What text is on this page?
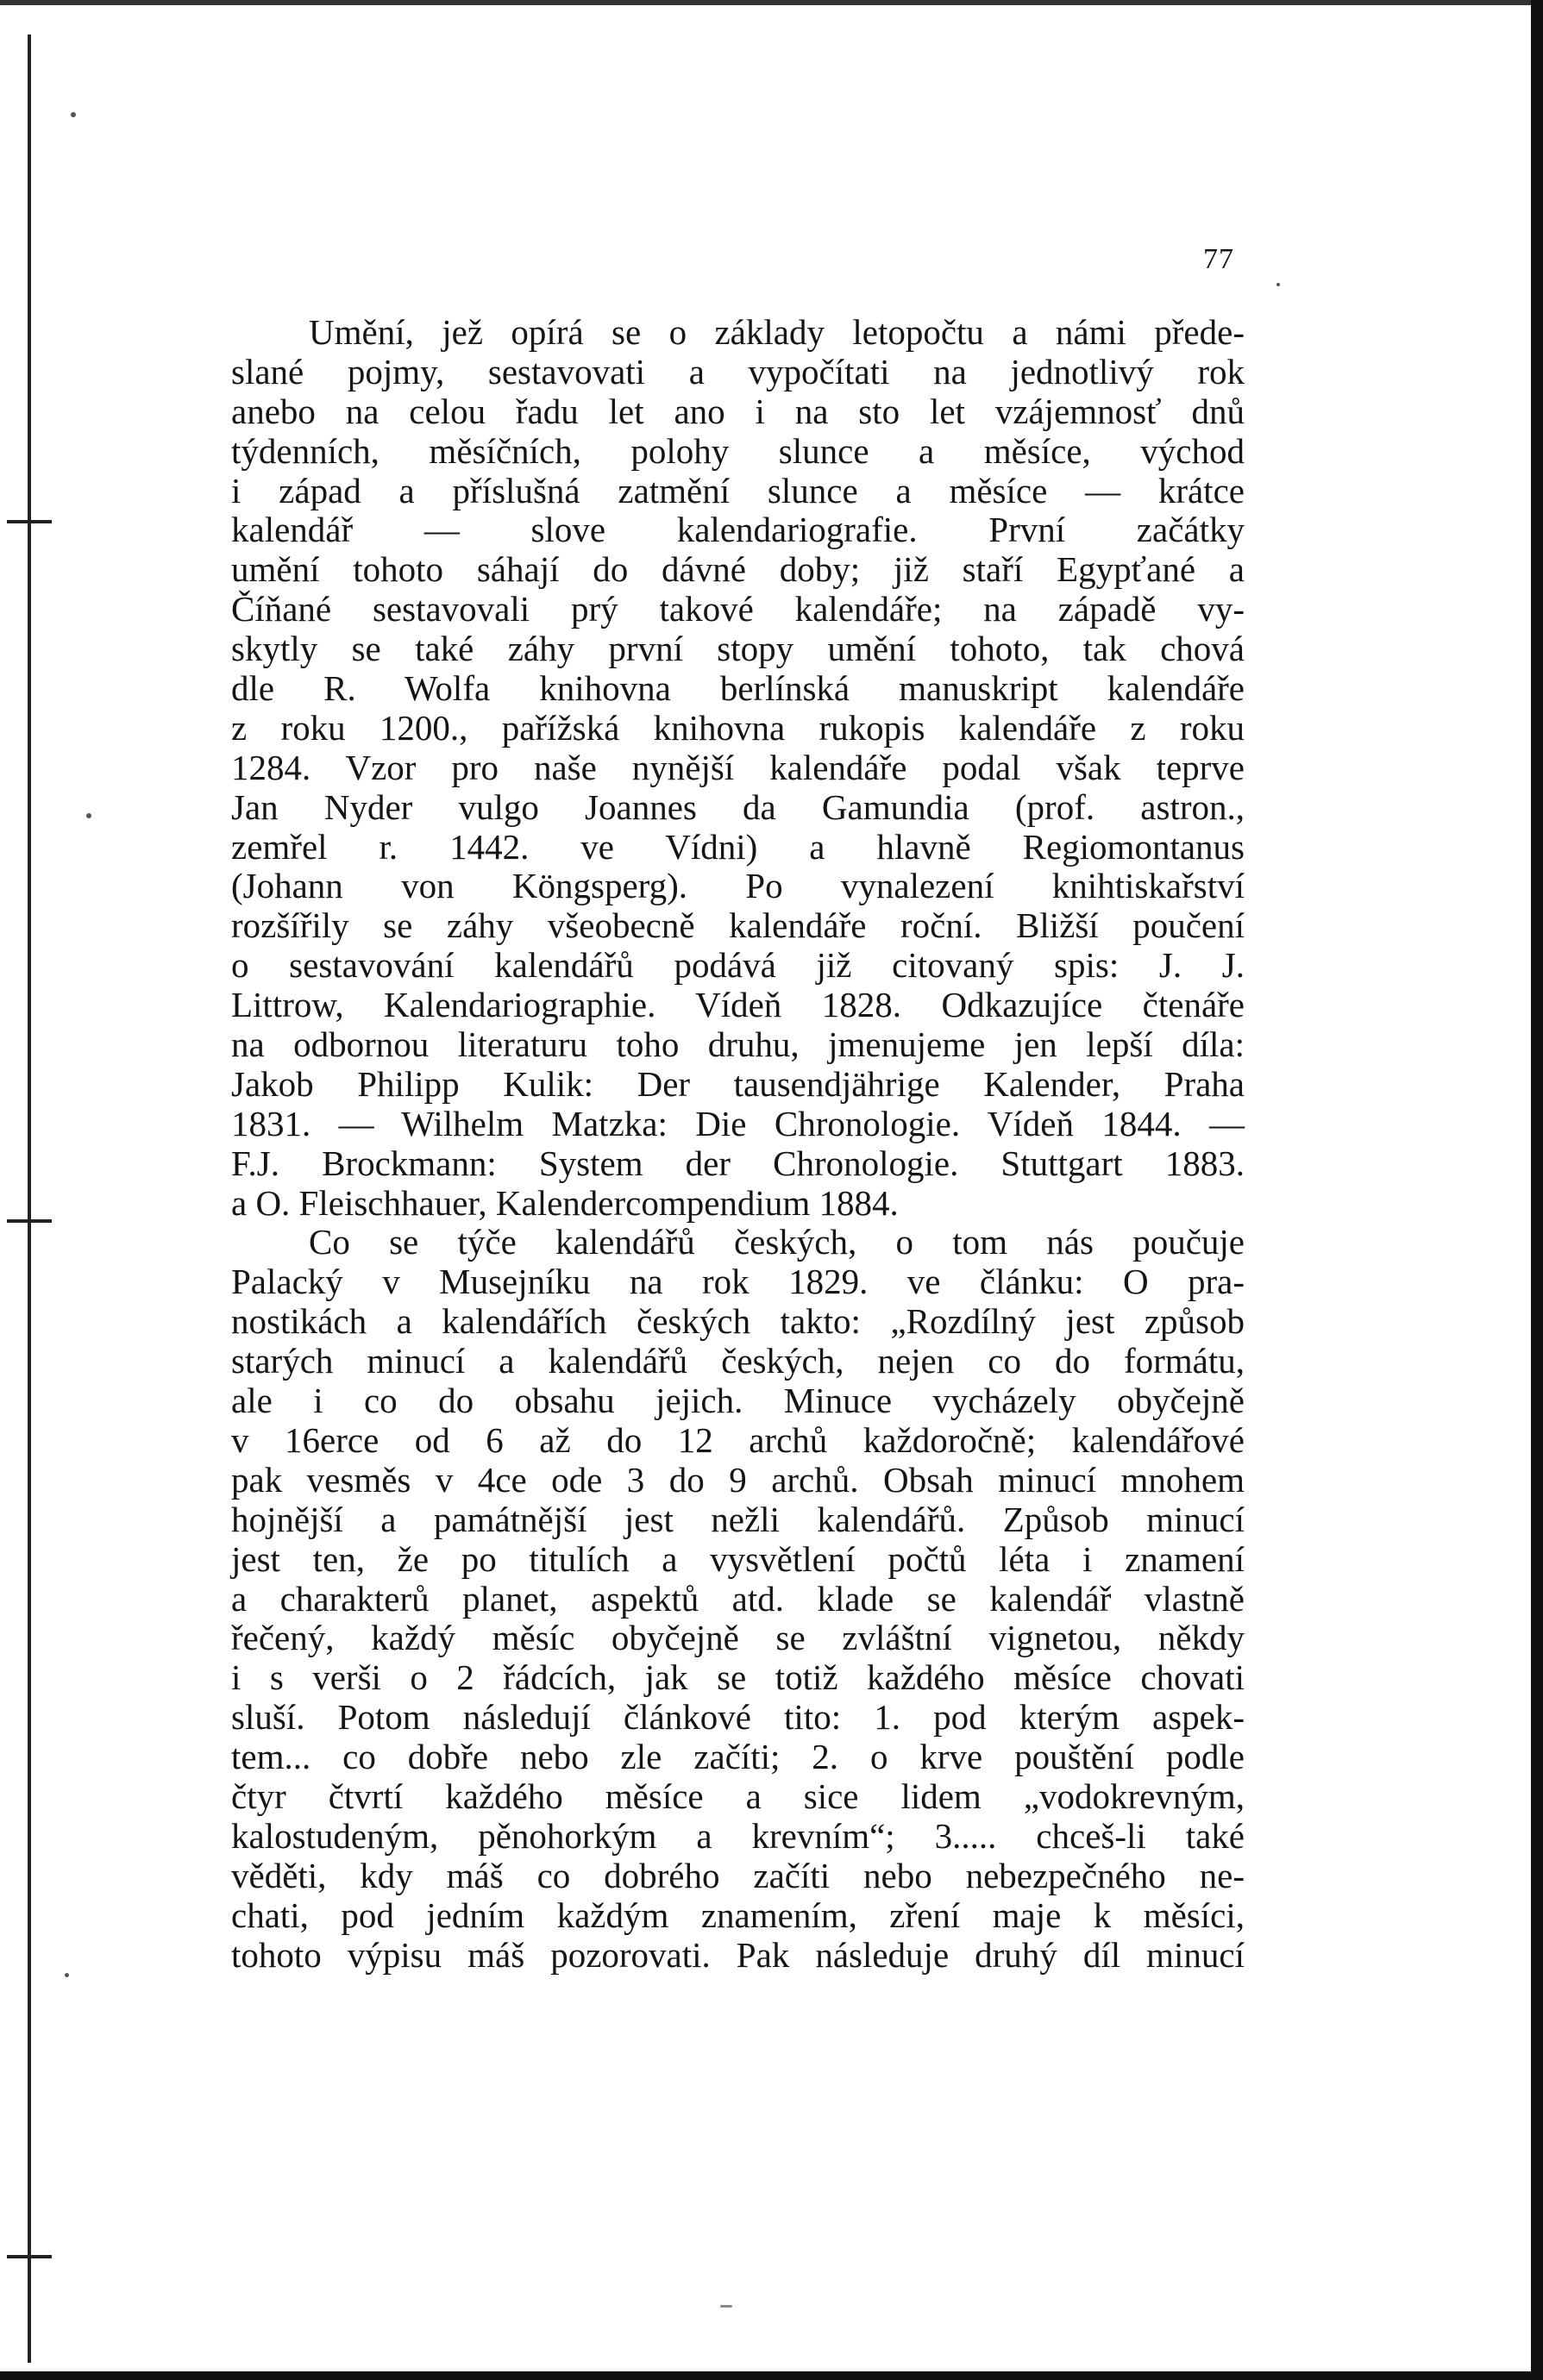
77
Umění, jež opírá se o základy letopočtu a námi přede-
slané pojmy, sestavovati a vypočítati na jednotlivý rok
anebo na celou řadu let ano i na sto let vzájemnosť dnů
týdenních, měsíčních, polohy slunce a měsíce, východ
i západ a příslušná zatmění slunce a měsíce — krátce
kalendář — slove kalendariografie. První začátky
umění tohoto sáhají do dávné doby; již staří Egypťané a
Číňané sestavovali prý takové kalendáře; na západě vy-
skytly se také záhy první stopy umění tohoto, tak chová
dle R. Wolfa knihovna berlínská manuskript kalendáře
z roku 1200., pařížská knihovna rukopis kalendáře z roku
1284. Vzor pro naše nynější kalendáře podal však teprve
Jan Nyder vulgo Joannes da Gamundia (prof. astron.,
zemřel r. 1442. ve Vídni) a hlavně Regiomontanus
(Johann von Köngsperg). Po vynalezení knihtiskařství
rozšířily se záhy všeobecně kalendáře roční. Bližší poučení
o sestavování kalendářů podává již citovaný spis: J. J.
Littrow, Kalendariographie. Vídeň 1828. Odkazujíce čtenáře
na odbornou literaturu toho druhu, jmenujeme jen lepší díla:
Jakob Philipp Kulik: Der tausendjährige Kalender, Praha
1831. — Wilhelm Matzka: Die Chronologie. Vídeň 1844. —
F.J. Brockmann: System der Chronologie. Stuttgart 1883.
a O. Fleischhauer, Kalendercompendium 1884.
Co se týče kalendářů českých, o tom nás poučuje
Palacký v Musejníku na rok 1829. ve článku: O pra-
nostikách a kalendářích českých takto: „Rozdílný jest způsob
starých minucí a kalendářů českých, nejen co do formátu,
ale i co do obsahu jejich. Minuce vycházely obyčejně
v 16erce od 6 až do 12 archů každoročně; kalendářové
pak vesměs v 4ce ode 3 do 9 archů. Obsah minucí mnohem
hojnější a památnější jest nežli kalendářů. Způsob minucí
jest ten, že po titulích a vysvětlení počtů léta i znamení
a charakterů planet, aspektů atd. klade se kalendář vlastně
řečený, každý měsíc obyčejně se zvláštní vignetou, někdy
i s verši o 2 řádcích, jak se totiž každého měsíce chovati
sluší. Potom následují článkové tito: 1. pod kterým aspek-
tem... co dobře nebo zle začíti; 2. o krve pouštění podle
čtyr čtvrtí každého měsíce a sice lidem „vodokrevným,
kalostudeným, pěnohorkým a krevním“; 3..... chceš-li také
věděti, kdy máš co dobrého začíti nebo nebezpečného ne-
chati, pod jedním každým znamením, zření maje k měsíci,
tohoto výpisu máš pozorovati. Pak následuje druhý díl minucí
